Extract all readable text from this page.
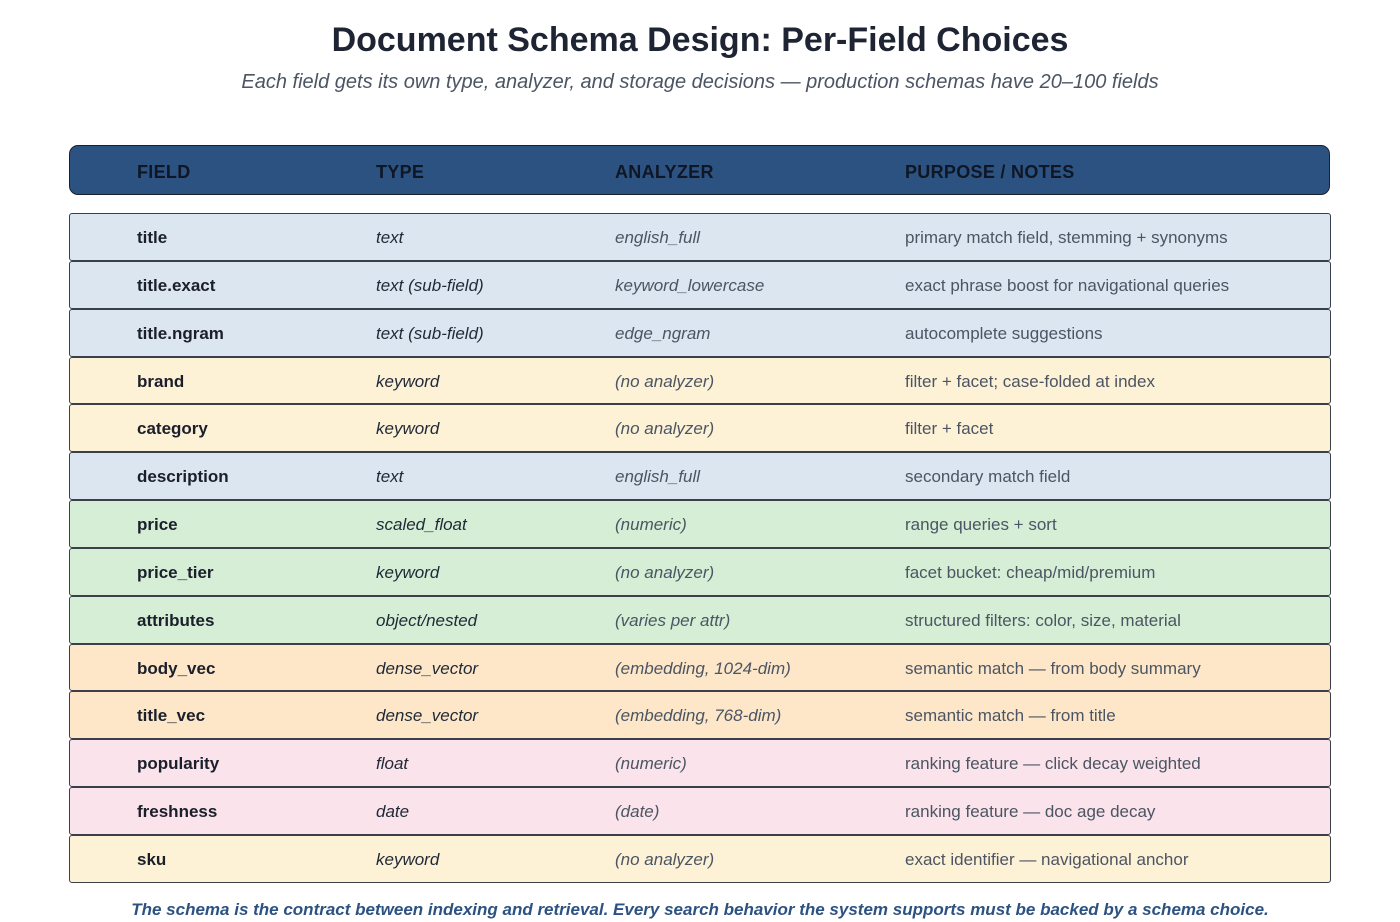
Document Schema Design: Per-Field Choices
Each field gets its own type, analyzer, and storage decisions — production schemas have 20–100 fields
FIELD	TYPE	ANALYZER	PURPOSE / NOTES
title	text	english_full	primary match field, stemming + synonyms
title.exact	text (sub-field)	keyword_lowercase	exact phrase boost for navigational queries
title.ngram	text (sub-field)	edge_ngram	autocomplete suggestions
brand	keyword	(no analyzer)	filter + facet; case-folded at index
category	keyword	(no analyzer)	filter + facet
description	text	english_full	secondary match field
price	scaled_float	(numeric)	range queries + sort
price_tier	keyword	(no analyzer)	facet bucket: cheap/mid/premium
attributes	object/nested	(varies per attr)	structured filters: color, size, material
body_vec	dense_vector	(embedding, 1024-dim)	semantic match — from body summary
title_vec	dense_vector	(embedding, 768-dim)	semantic match — from title
popularity	float	(numeric)	ranking feature — click decay weighted
freshness	date	(date)	ranking feature — doc age decay
sku	keyword	(no analyzer)	exact identifier — navigational anchor
The schema is the contract between indexing and retrieval. Every search behavior the system supports must be backed by a schema choice.
